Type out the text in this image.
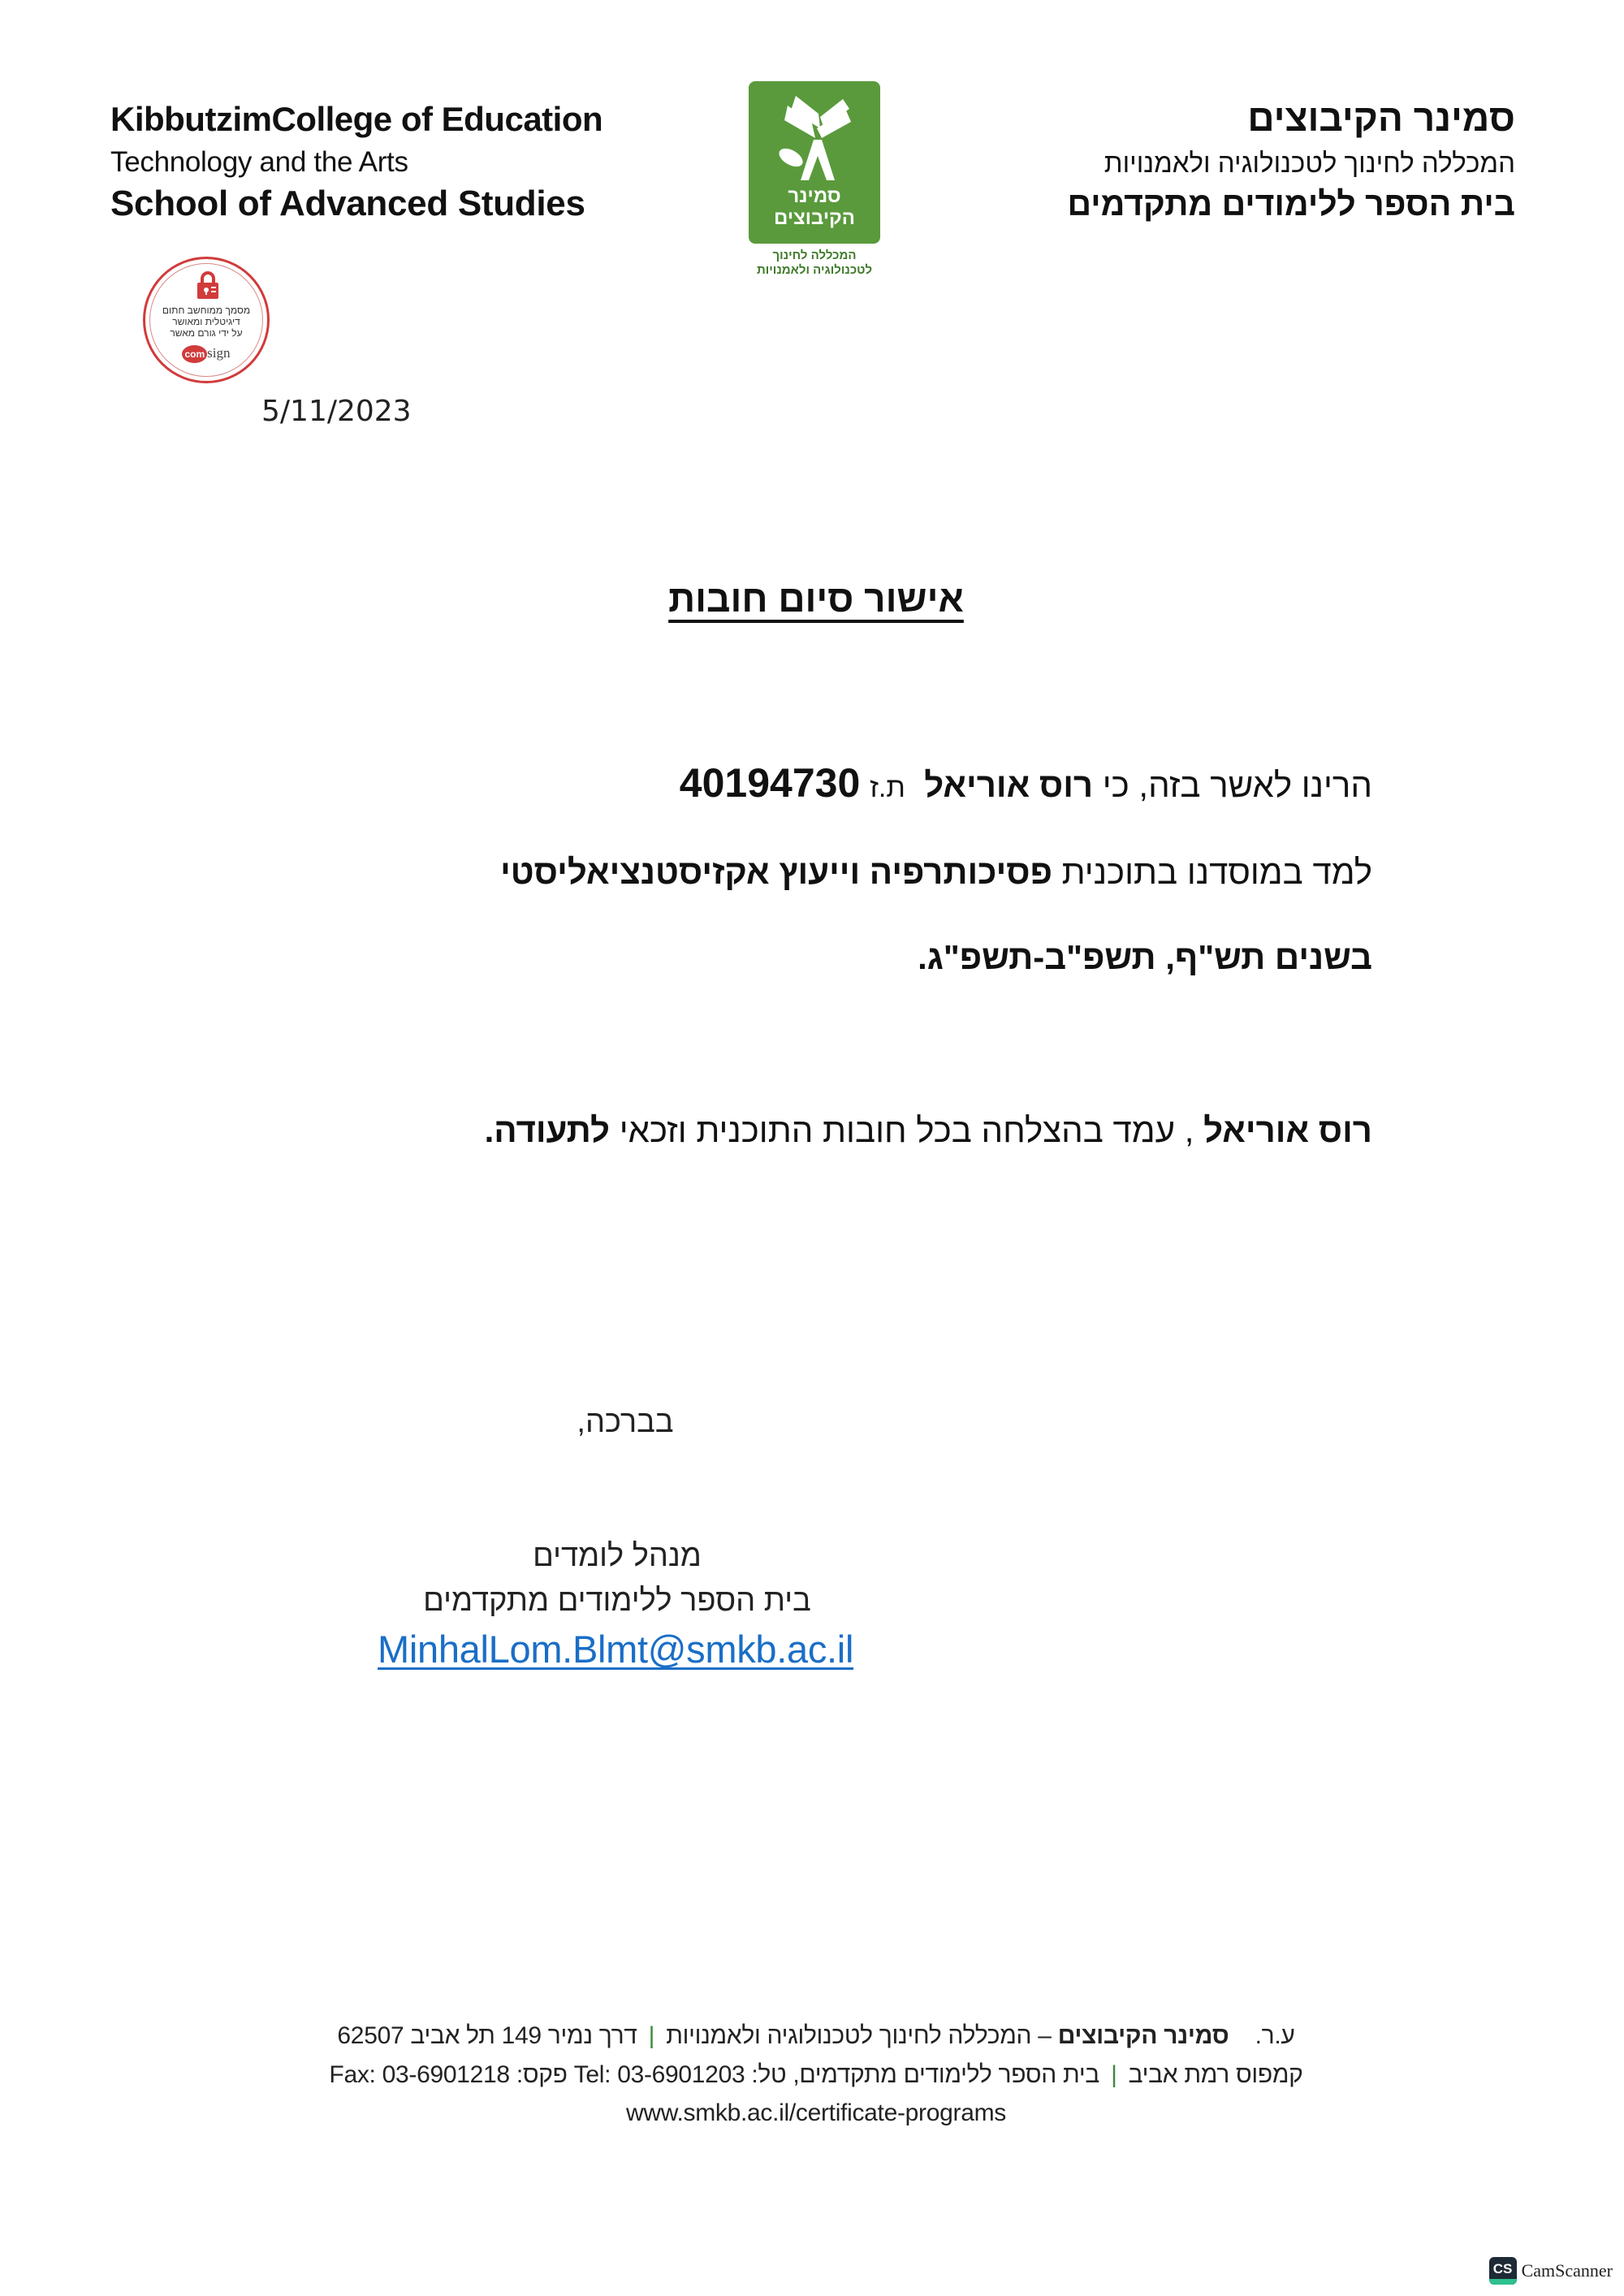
KibbutzimCollege of Education
Technology and the Arts
School of Advanced Studies	סמינר
הקיבוצים
המכללה לחינוך
לטכנולוגיה ולאמנויות
סמינר הקיבוצים
המכללה לחינוך לטכנולוגיה ולאמנויות
בית הספר ללימודים מתקדמים
מסמך ממוחשב חתום
דיגיטלית ומאושר
על ידי גורם מאשר
com sign
5/11/2023
אישור סיום חובות
הרינו לאשר בזה, כי רוס אוריאל  ת.ז 40194730
למד במוסדנו בתוכנית פסיכותרפיה וייעוץ אקזיסטנציאליסטי
בשנים תש"ף, תשפ"ב-תשפ"ג.
רוס אוריאל , עמד בהצלחה בכל חובות התוכנית וזכאי לתעודה.
בברכה,
מנהל לומדים
בית הספר ללימודים מתקדמים
MinhalLom.Blmt@smkb.ac.il
ע.ר.    סמינר הקיבוצים – המכללה לחינוך לטכנולוגיה ולאמנויות | דרך נמיר 149 תל אביב 62507
קמפוס רמת אביב | בית הספר ללימודים מתקדמים, טל: 03-6901203 :Tel פקס: 03-6901218 :Fax
www.smkb.ac.il/certificate-programs
CS CamScanner
